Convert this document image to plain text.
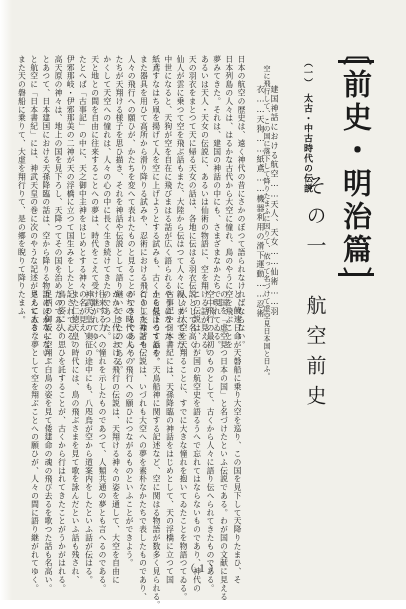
〔前史・明治篇〕
その一　航空前史
空に飛行して、この国に落下して降りたまふに因りて、依って名づけて虚空見日本国と日ふ。	（一）　太古・中古時代の伝説
建国神話における航空……天人、天女……仙術……羽
衣……天狗……紙鳶……機器利用の滑下運動……忍術
と、饒速日命が天磐船に乗り大空を巡り、この国を見下して天降りたまひ、そ
の国を「虚空見つ日本の国」と名づけたといふ伝説である。わが国の文献に見える
空中飛行の最初のものとして、古くから人々に語り伝へられてきたものである。
この伝説は、わが国の航空史を語るうへで忘れてはならないものであり、神代の
人々が大空を天翔ることに、すでに大きな憧れを抱いてゐたことを物語つてゐる。
古事記や日本書紀には、天孫降臨の神話をはじめとして、天の浮橋に立つて国
土を見下ろす話や、天鳥船神に関する記述など、空に関はる物語が数多く見られる。
こうした神話や伝説は、いづれも大空への夢を素朴なかたちで表したものであり、
のちの時代の人々の飛行への願ひにつながるものといふことができよう。
かかる上代における飛行の伝説は、天翔ける神々の姿を通して、大空を自由に
往来する力への憧れを示したものであつて、人類共通の夢とも言へるのである。
神武天皇の東征の途中にも、八咫烏が空から道案内をしたといふ話が伝はる。
また仁徳天皇の時代には、鳥の飛ぶさまを見て歌を詠んだといふ話も残され、
鳥の姿に人の思ひを託することが、古くから行はれてきたことがうかがはれる。
足柄の御坂に空翔ぶ白鳥の姿を見て倭建命の魂の飛び去るを歌つた話も名高い。
さらに大きな夢として空を翔ぶことへの願ひが、人々の間に語り継がれてゆく。
日本の航空の歴史は、遠く神代の昔にさかのぼつて語られなければならない。
日本列島の人々は、はるかな古代から大空に憧れ、鳥のやうに空を飛ぶことを
夢みてきた。それは、建国の神話の中にも、さまざまなかたちで現れてゐる。
あるいは天人・天女の伝説に、あるいは仙術の物語に、空を翔ける話が見える。
天の羽衣をまとつて天に帰る天女の話は、各地に伝はる羽衣伝説として名高く、
仙人が雲に乗つて空を飛ぶ話もまた、大陸から伝はつて人々に親しまれてきた。
中世になると、天狗が空を自在に飛びまはる話が広く語られるやうになつた。
紙鳶すなはち凧を揚げて人を空に上げようとする試みも、古くから伝はつてゐる。
また器具を用ひて高所から滑り降りる試みや、忍術における飛行の工夫なども、
人々の飛行への願ひが、かたちを変へて表れたものと見ることができるであらう。
たちが天翔ける様子を思ひ描き、それを神話や伝説として語り継いできたのである。
かくして天空への憧れは、人々の心の中に長く生き続けてきたのであつた。
天と地との間を自由に往来することへの夢は、時代をこえて受け継がれてゆく。
たとへば「古事記」の中に、天之御中主神をはじめとする神々の名が見え、
伊邪那岐・伊邪那美の二神が天の浮橋に立つて国生みをしたと記されてゐる。
高天原の神々は、地上の国を見下ろし、天降つてその国を治めたのである。
とあつて、日本建国における天孫降臨の話は、空から降りる物語にほかならない。
と航空に「日本書紀」には、神武天皇の巻に次のやうな記述が見えてゐる。
また天の磐船に乗りて、大虚を翔行りて、是の郷を睨りて降りたまふ。
（１）
